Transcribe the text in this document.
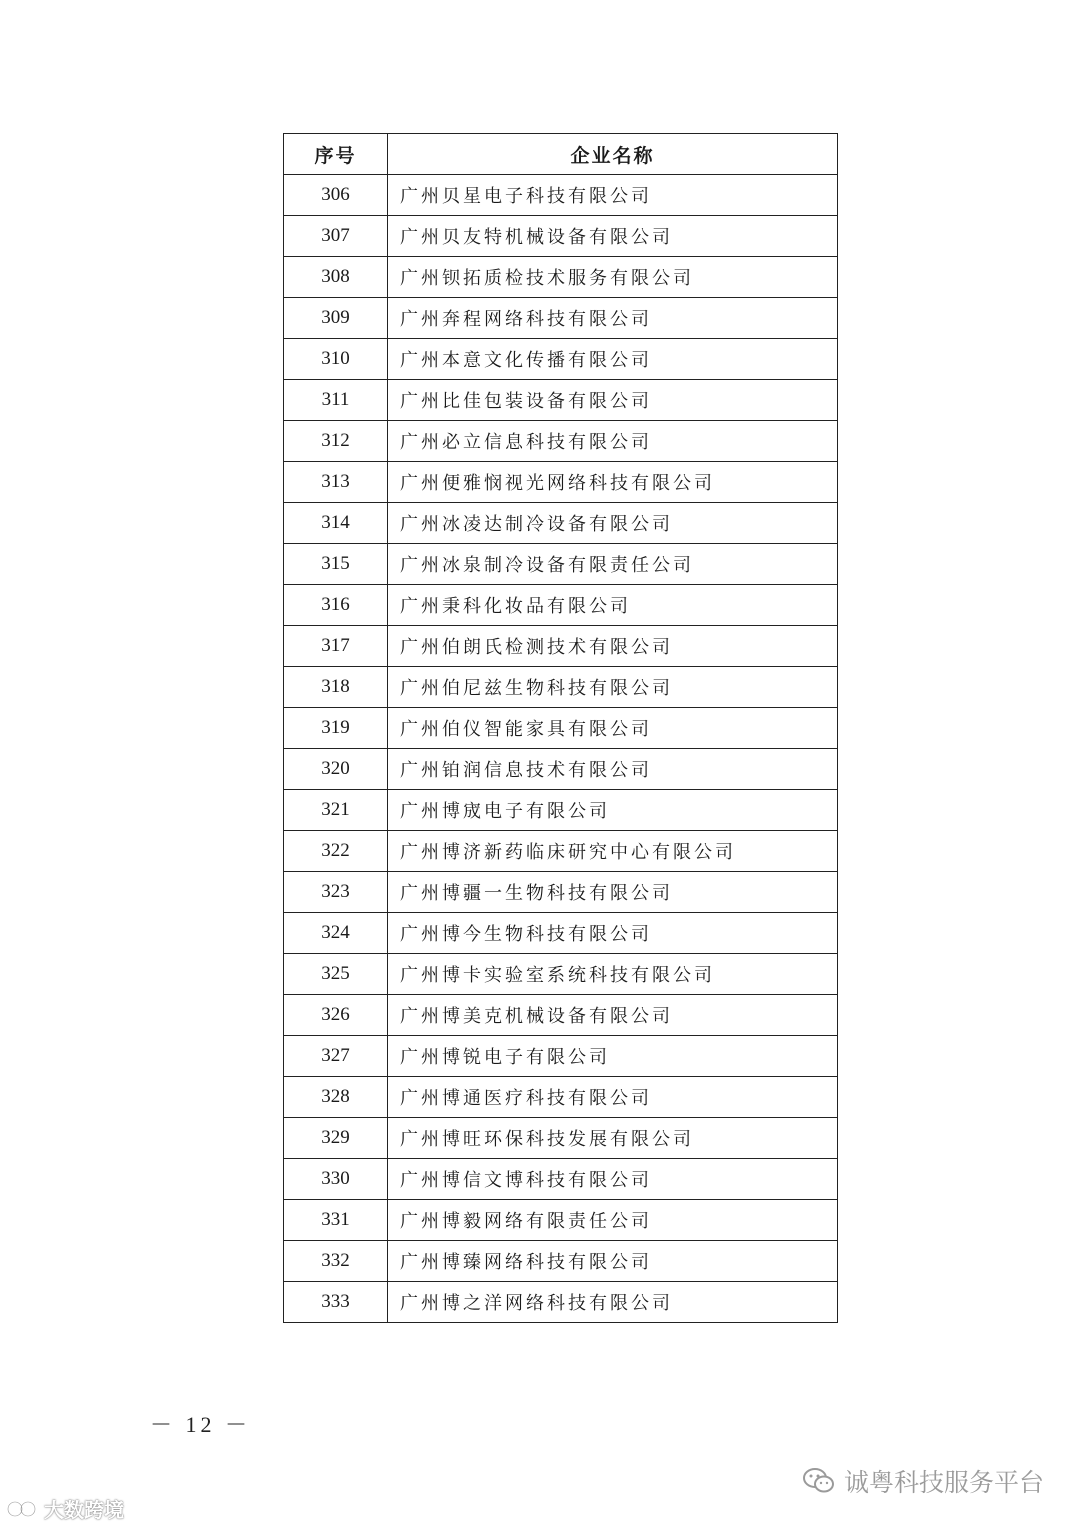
序号	企业名称
306	广州贝星电子科技有限公司
307	广州贝友特机械设备有限公司
308	广州钡拓质检技术服务有限公司
309	广州奔程网络科技有限公司
310	广州本意文化传播有限公司
311	广州比佳包装设备有限公司
312	广州必立信息科技有限公司
313	广州便雅悯视光网络科技有限公司
314	广州冰凌达制冷设备有限公司
315	广州冰泉制冷设备有限责任公司
316	广州秉科化妆品有限公司
317	广州伯朗氏检测技术有限公司
318	广州伯尼兹生物科技有限公司
319	广州伯仪智能家具有限公司
320	广州铂润信息技术有限公司
321	广州博宬电子有限公司
322	广州博济新药临床研究中心有限公司
323	广州博疆一生物科技有限公司
324	广州博今生物科技有限公司
325	广州博卡实验室系统科技有限公司
326	广州博美克机械设备有限公司
327	广州博锐电子有限公司
328	广州博通医疗科技有限公司
329	广州博旺环保科技发展有限公司
330	广州博信文博科技有限公司
331	广州博毅网络有限责任公司
332	广州博臻网络科技有限公司
333	广州博之洋网络科技有限公司
－ 12 －
诚粤科技服务平台
大数跨境
